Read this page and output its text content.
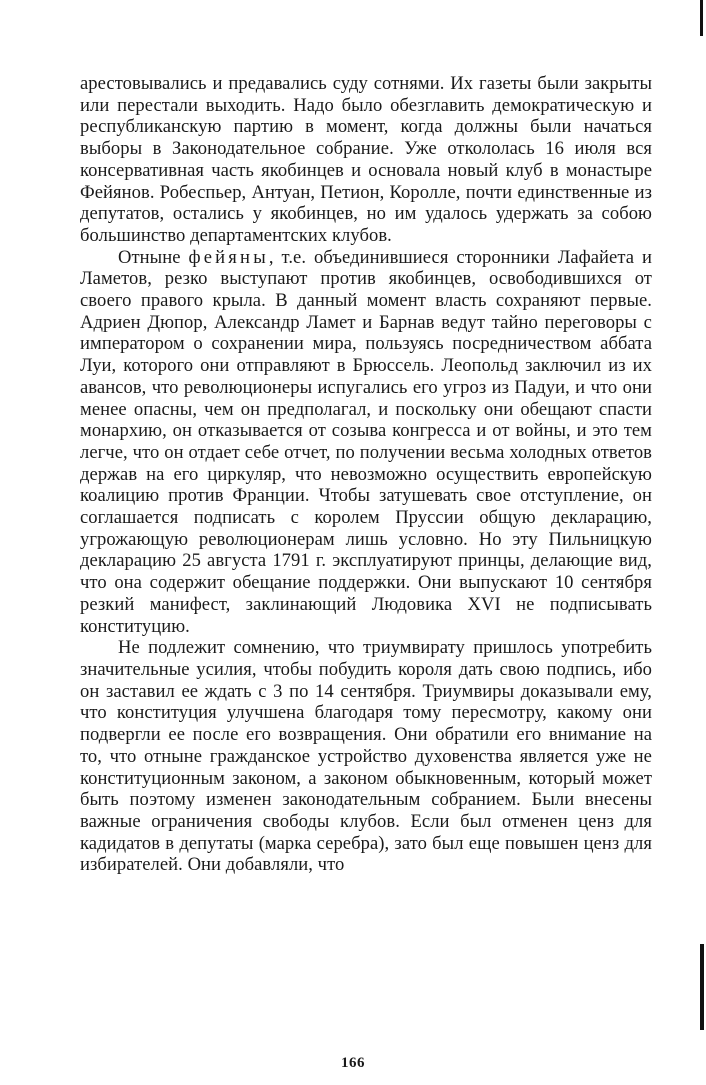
арестовывались и предавались суду сотнями. Их газеты были закрыты или перестали выходить. Надо было обезглавить демократическую и республиканскую партию в момент, когда должны были начаться выборы в Законодательное собрание. Уже откололась 16 июля вся консервативная часть якобинцев и основала новый клуб в монастыре Фейянов. Робеспьер, Антуан, Петион, Королле, почти единственные из депутатов, остались у якобинцев, но им удалось удержать за собою большинство департаментских клубов.

Отныне фейяны, т.е. объединившиеся сторонники Лафайета и Ламетов, резко выступают против якобинцев, освободившихся от своего правого крыла. В данный момент власть сохраняют первые. Адриен Дюпор, Александр Ламет и Барнав ведут тайно переговоры с императором о сохранении мира, пользуясь посредничеством аббата Луи, которого они отправляют в Брюссель. Леопольд заключил из их авансов, что революционеры испугались его угроз из Падуи, и что они менее опасны, чем он предполагал, и поскольку они обещают спасти монархию, он отказывается от созыва конгресса и от войны, и это тем легче, что он отдает себе отчет, по получении весьма холодных ответов держав на его циркуляр, что невозможно осуществить европейскую коалицию против Франции. Чтобы затушевать свое отступление, он соглашается подписать с королем Пруссии общую декларацию, угрожающую революционерам лишь условно. Но эту Пильницкую декларацию 25 августа 1791 г. эксплуатируют принцы, делающие вид, что она содержит обещание поддержки. Они выпускают 10 сентября резкий манифест, заклинающий Людовика XVI не подписывать конституцию.

Не подлежит сомнению, что триумвирату пришлось употребить значительные усилия, чтобы побудить короля дать свою подпись, ибо он заставил ее ждать с 3 по 14 сентября. Триумвиры доказывали ему, что конституция улучшена благодаря тому пересмотру, какому они подвергли ее после его возвращения. Они обратили его внимание на то, что отныне гражданское устройство духовенства является уже не конституционным законом, а законом обыкновенным, который может быть поэтому изменен законодательным собранием. Были внесены важные ограничения свободы клубов. Если был отменен ценз для кадидатов в депутаты (марка серебра), зато был еще повышен ценз для избирателей. Они добавляли, что

166
